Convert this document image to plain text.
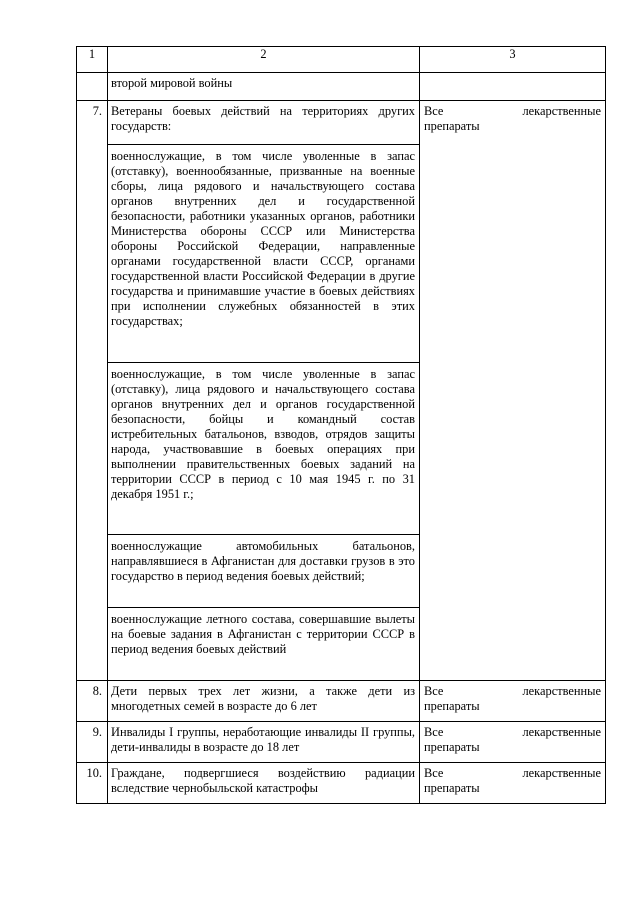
1	2	3
	второй мировой войны	
7.	Ветераны боевых действий на территориях других государств:	Все лекарственные
препараты

	военнослужащие, в том числе уволенные в запас (отставку), военнообязанные, призванные на военные сборы, лица рядового и начальствующего состава органов внутренних дел и государственной безопасности, работники указанных органов, работники Министерства обороны СССР или Министерства обороны Российской Федерации, направленные органами государственной власти СССР, органами государственной власти Российской Федерации в другие государства и принимавшие участие в боевых действиях при исполнении служебных обязанностей в этих государствах;
военнослужащие, в том числе уволенные в запас (отставку), лица рядового и начальствующего состава органов внутренних дел и органов государственной безопасности, бойцы и командный состав истребительных батальонов, взводов, отрядов защиты народа, участвовавшие в боевых операциях при выполнении правительственных боевых заданий на территории СССР в период с 10 мая 1945 г. по 31 декабря 1951 г.;
военнослужащие автомобильных батальонов, направлявшиеся в Афганистан для доставки грузов в это государство в период ведения боевых действий;
военнослужащие летного состава, совершавшие вылеты на боевые задания в Афганистан с территории СССР в период ведения боевых действий	

8.	Дети первых трех лет жизни, а также дети из многодетных семей в возрасте до 6 лет	Все лекарственные
препараты

9.	Инвалиды I группы, неработающие инвалиды II группы, дети-инвалиды в возрасте до 18 лет	Все лекарственные
препараты

10.	Граждане, подвергшиеся воздействию радиации вследствие чернобыльской катастрофы	Все лекарственные
препараты
